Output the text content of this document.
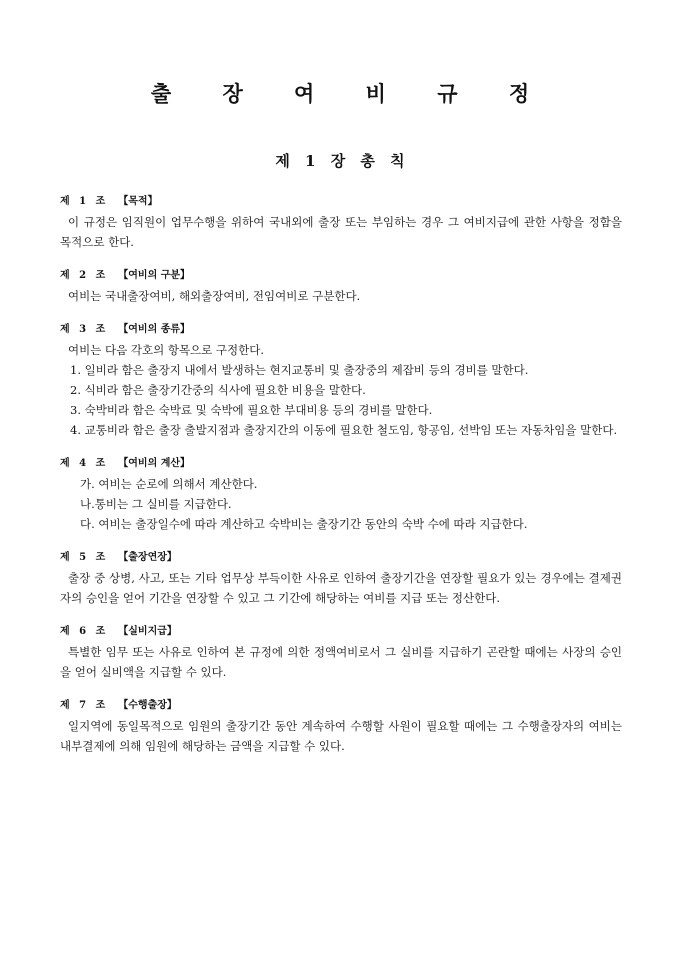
출 장 여 비 규 정
제 1 장 총 칙
제 1 조 【목적】

이 규정은 임직원이 업무수행을 위하여 국내외에 출장 또는 부임하는 경우 그 여비지급에 관한 사항을 정함을 목적으로 한다.

제 2 조 【여비의 구분】

여비는 국내출장여비, 해외출장여비, 전임여비로 구분한다.

제 3 조 【여비의 종류】

여비는 다음 각호의 항목으로 구정한다.

1. 일비라 함은 출장지 내에서 발생하는 현지교통비 및 출장중의 제잡비 등의 경비를 말한다.

2. 식비라 함은 출장기간중의 식사에 필요한 비용을 말한다.

3. 숙박비라 함은 숙박료 및 숙박에 필요한 부대비용 등의 경비를 말한다.

4. 교통비라 함은 출장 출발지점과 출장지간의 이동에 필요한 철도임, 항공임, 선박임 또는 자동차임을 말한다.

제 4 조 【여비의 계산】

가. 여비는 순로에 의해서 계산한다.

나.통비는 그 실비를 지급한다.

다. 여비는 출장일수에 따라 계산하고 숙박비는 출장기간 동안의 숙박 수에 따라 지급한다.

제 5 조 【출장연장】

출장 중 상병, 사고, 또는 기타 업무상 부득이한 사유로 인하여 출장기간을 연장할 필요가 있는 경우에는 결제권 자의 승인을 얻어 기간을 연장할 수 있고 그 기간에 해당하는 여비를 지급 또는 정산한다.

제 6 조 【실비지급】

특별한 임무 또는 사유로 인하여 본 규정에 의한 정액여비로서 그 실비를 지급하기 곤란할 때에는 사장의 승인을 얻어 실비액을 지급할 수 있다.

제 7 조 【수행출장】

일지역에 동일목적으로 임원의 출장기간 동안 계속하여 수행할 사원이 필요할 때에는 그 수행출장자의 여비는 내부결제에 의해 임원에 해당하는 금액을 지급할 수 있다.
